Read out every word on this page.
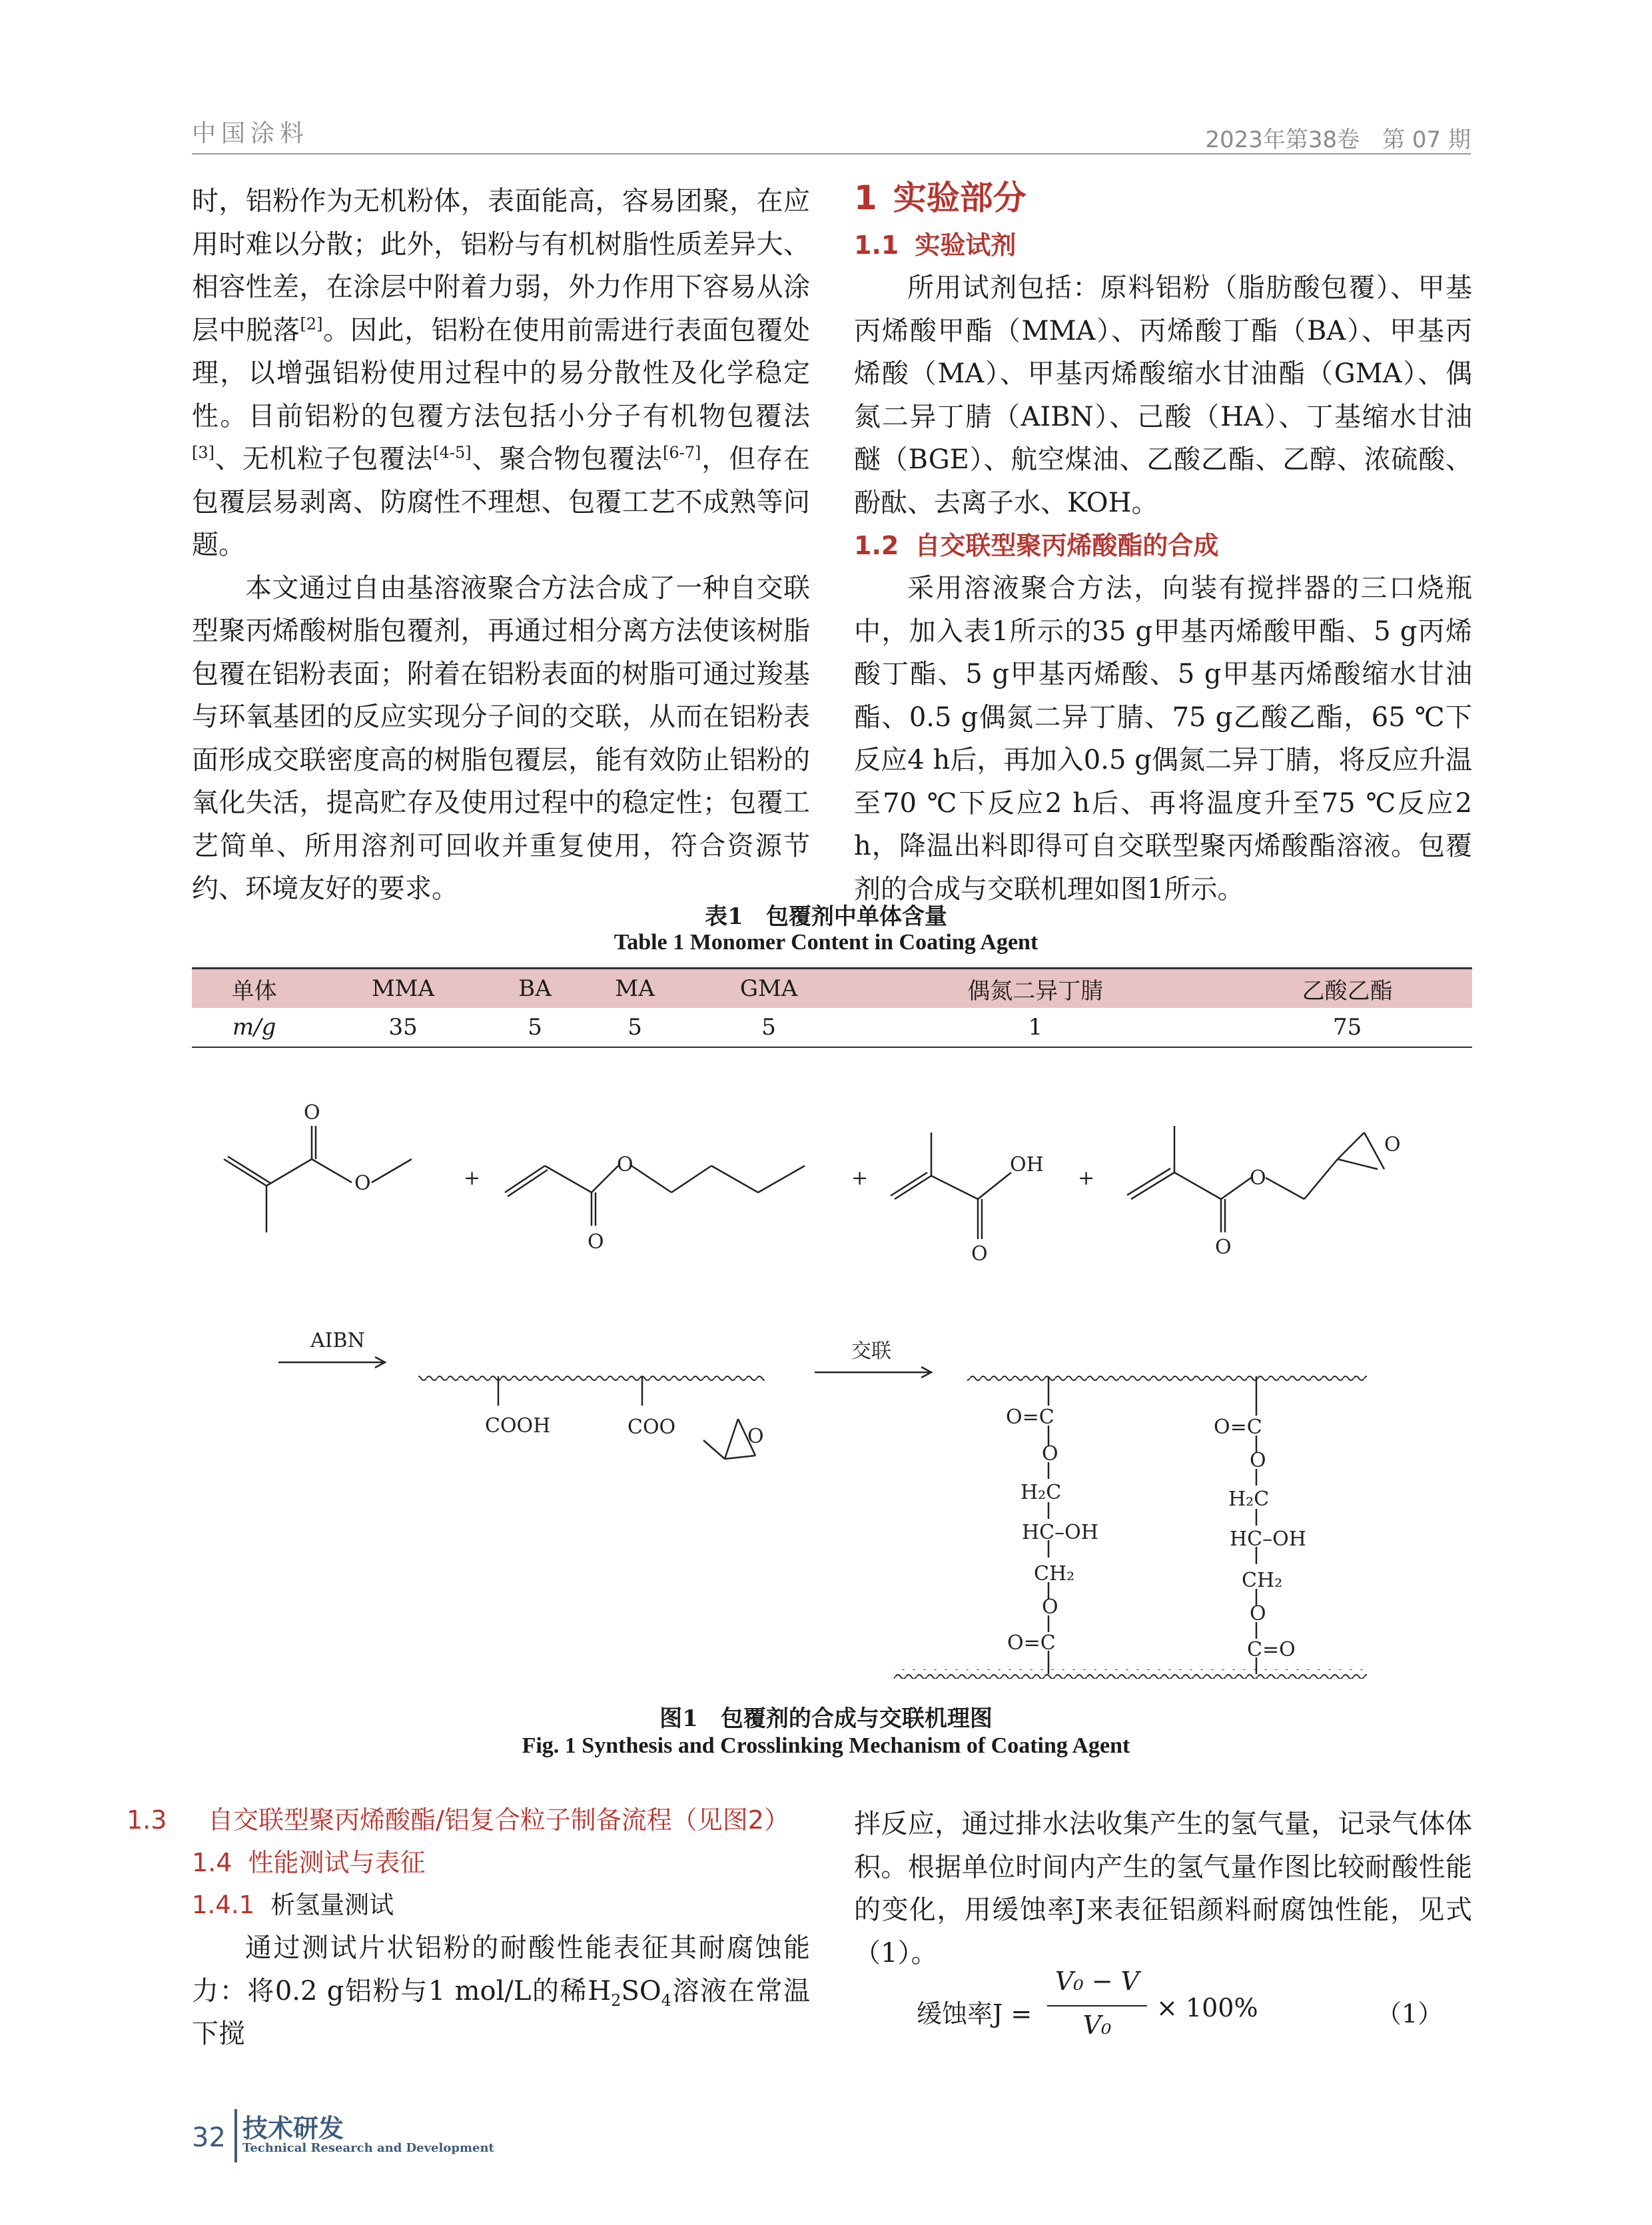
中国涂料	2023年第38卷　第 07 期

时，铝粉作为无机粉体，表面能高，容易团聚，在应用时难以分散；此外，铝粉与有机树脂性质差异大、相容性差，在涂层中附着力弱，外力作用下容易从涂层中脱落[2]。因此，铝粉在使用前需进行表面包覆处理，以增强铝粉使用过程中的易分散性及化学稳定性。目前铝粉的包覆方法包括小分子有机物包覆法[3]、无机粒子包覆法[4-5]、聚合物包覆法[6-7]，但存在包覆层易剥离、防腐性不理想、包覆工艺不成熟等问题。

本文通过自由基溶液聚合方法合成了一种自交联型聚丙烯酸树脂包覆剂，再通过相分离方法使该树脂包覆在铝粉表面；附着在铝粉表面的树脂可通过羧基与环氧基团的反应实现分子间的交联，从而在铝粉表面形成交联密度高的树脂包覆层，能有效防止铝粉的氧化失活，提高贮存及使用过程中的稳定性；包覆工艺简单、所用溶剂可回收并重复使用，符合资源节约、环境友好的要求。

1 实验部分
1.1 实验试剂

所用试剂包括：原料铝粉（脂肪酸包覆）、甲基丙烯酸甲酯（MMA）、丙烯酸丁酯（BA）、甲基丙烯酸（MA）、甲基丙烯酸缩水甘油酯（GMA）、偶氮二异丁腈（AIBN）、己酸（HA）、丁基缩水甘油醚（BGE）、航空煤油、乙酸乙酯、乙醇、浓硫酸、酚酞、去离子水、KOH。

1.2 自交联型聚丙烯酸酯的合成

采用溶液聚合方法，向装有搅拌器的三口烧瓶中，加入表1所示的35 g甲基丙烯酸甲酯、5 g丙烯酸丁酯、5 g甲基丙烯酸、5 g甲基丙烯酸缩水甘油酯、0.5 g偶氮二异丁腈、75 g乙酸乙酯，65 ℃下反应4 h后，再加入0.5 g偶氮二异丁腈，将反应升温至70 ℃下反应2 h后、再将温度升至75 ℃反应2 h，降温出料即得可自交联型聚丙烯酸酯溶液。包覆剂的合成与交联机理如图1所示。

表1　包覆剂中单体含量
Table 1 Monomer Content in Coating Agent
单体	MMA	BA	MA	GMA	偶氮二异丁腈	乙酸乙酯
m/g	35	5	5	5	1	75
O
O	+
O
O
+
OH
O
+	O
O
O
AIBN	交联
COOH	COO	O
O=C
O
H₂C
HC–OH
CH₂
O
O=C
O=C
O
H₂C
HC–OH
CH₂
O
C=O
图1　包覆剂的合成与交联机理图
Fig. 1 Synthesis and Crosslinking Mechanism of Coating Agent
1.3 自交联型聚丙烯酸酯/铝复合粒子制备流程（见图2）
1.4 性能测试与表征
1.4.1 析氢量测试

通过测试片状铝粉的耐酸性能表征其耐腐蚀能力：将0.2 g铝粉与1 mol/L的稀$H_2SO_4$溶液在常温下搅

拌反应，通过排水法收集产生的氢气量，记录气体体积。根据单位时间内产生的氢气量作图比较耐酸性能的变化，用缓蚀率J来表征铝颜料耐腐蚀性能，见式（1）。

缓蚀率J =
V₀ − V
V₀
× 100%	（1）
32 技术研发
Technical Research and Development
